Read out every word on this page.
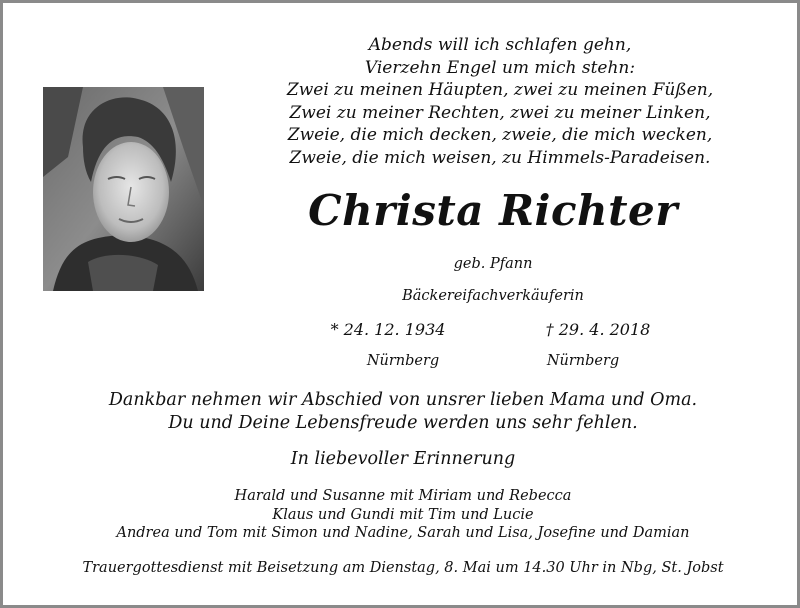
Abends will ich schlafen gehn,
Vierzehn Engel um mich stehn:
Zwei zu meinen Häupten, zwei zu meinen Füßen,
Zwei zu meiner Rechten, zwei zu meiner Linken,
Zweie, die mich decken, zweie, die mich wecken,
Zweie, die mich weisen, zu Himmels-Paradeisen.
Christa Richter
geb. Pfann
Bäckereifachverkäuferin
* 24. 12. 1934	† 29. 4. 2018
Nürnberg	Nürnberg
Dankbar nehmen wir Abschied von unsrer lieben Mama und Oma.
Du und Deine Lebensfreude werden uns sehr fehlen.
In liebevoller Erinnerung
Harald und Susanne mit Miriam und Rebecca
Klaus und Gundi mit Tim und Lucie
Andrea und Tom mit Simon und Nadine, Sarah und Lisa, Josefine und Damian
Trauergottesdienst mit Beisetzung am Dienstag, 8. Mai um 14.30 Uhr in Nbg, St. Jobst
